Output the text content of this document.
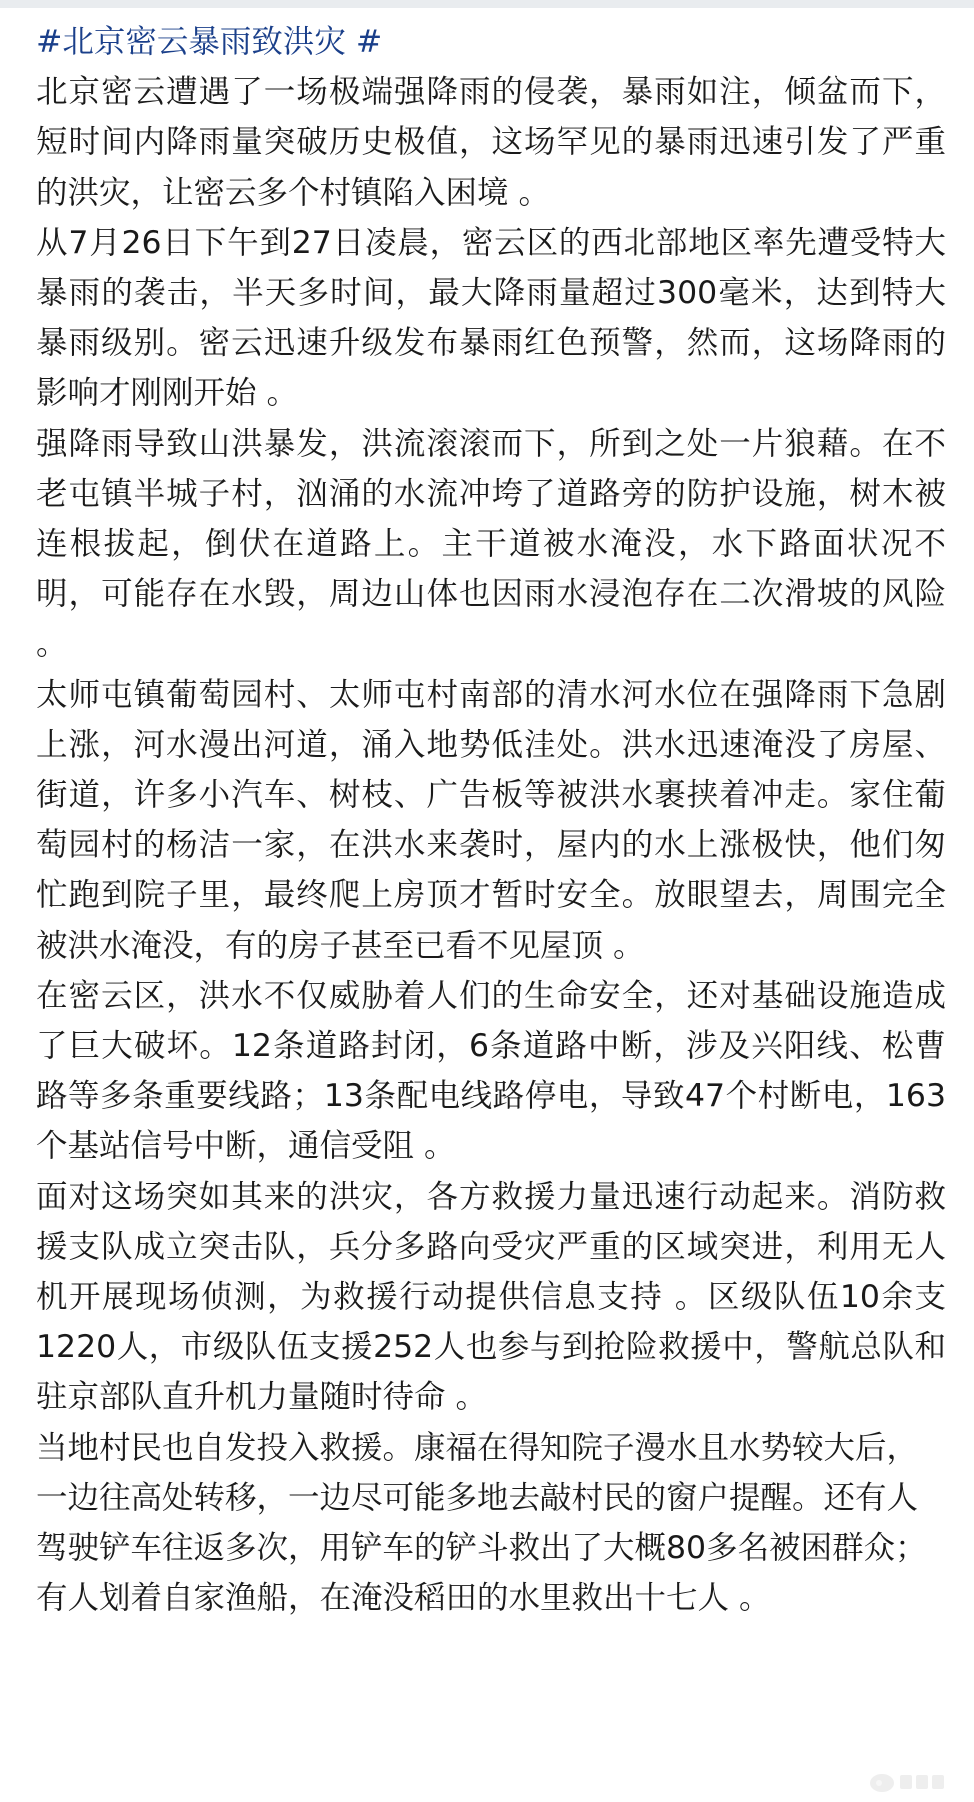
#北京密云暴雨致洪灾 #

北京密云遭遇了一场极端强降雨的侵袭，暴雨如注，倾盆而下，短时间内降雨量突破历史极值，这场罕见的暴雨迅速引发了严重的洪灾，让密云多个村镇陷入困境 。

从7月26日下午到27日凌晨，密云区的西北部地区率先遭受特大暴雨的袭击，半天多时间，最大降雨量超过300毫米，达到特大暴雨级别。密云迅速升级发布暴雨红色预警，然而，这场降雨的影响才刚刚开始 。

强降雨导致山洪暴发，洪流滚滚而下，所到之处一片狼藉。在不老屯镇半城子村，汹涌的水流冲垮了道路旁的防护设施，树木被连根拔起，倒伏在道路上。主干道被水淹没，水下路面状况不明，可能存在水毁，周边山体也因雨水浸泡存在二次滑坡的风险 。

太师屯镇葡萄园村、太师屯村南部的清水河水位在强降雨下急剧上涨，河水漫出河道，涌入地势低洼处。洪水迅速淹没了房屋、街道，许多小汽车、树枝、广告板等被洪水裹挟着冲走。家住葡萄园村的杨洁一家，在洪水来袭时，屋内的水上涨极快，他们匆忙跑到院子里，最终爬上房顶才暂时安全。放眼望去，周围完全被洪水淹没，有的房子甚至已看不见屋顶 。

在密云区，洪水不仅威胁着人们的生命安全，还对基础设施造成了巨大破坏。12条道路封闭，6条道路中断，涉及兴阳线、松曹路等多条重要线路；13条配电线路停电，导致47个村断电，163个基站信号中断，通信受阻 。

面对这场突如其来的洪灾，各方救援力量迅速行动起来。消防救援支队成立突击队，兵分多路向受灾严重的区域突进，利用无人机开展现场侦测，为救援行动提供信息支持 。区级队伍10余支1220人，市级队伍支援252人也参与到抢险救援中，警航总队和驻京部队直升机力量随时待命 。

当地村民也自发投入救援。康福在得知院子漫水且水势较大后，一边往高处转移，一边尽可能多地去敲村民的窗户提醒。还有人驾驶铲车往返多次，用铲车的铲斗救出了大概80多名被困群众；有人划着自家渔船，在淹没稻田的水里救出十七人 。
